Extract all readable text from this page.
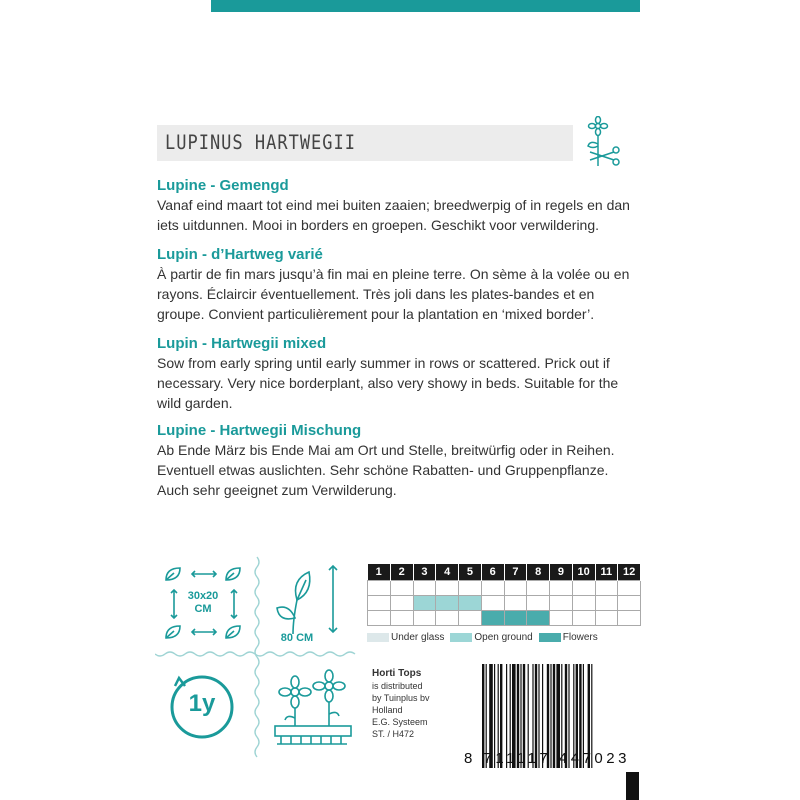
LUPINUS HARTWEGII
Lupine - Gemengd

Vanaf eind maart tot eind mei buiten zaaien; breedwerpig of in regels en dan iets uitdunnen. Mooi in borders en groepen. Geschikt voor verwildering.

Lupin - d’Hartweg varié

À partir de fin mars jusqu’à fin mai en pleine terre. On sème à la volée ou en rayons. Éclaircir éventuellement. Très joli dans les plates-bandes et en groupe. Convient particulièrement pour la plantation en ‘mixed border’.

Lupin - Hartwegii mixed

Sow from early spring until early summer in rows or scattered. Prick out if necessary. Very nice borderplant, also very showy in beds. Suitable for the wild garden.

Lupine - Hartwegii Mischung

Ab Ende März bis Ende Mai am Ort und Stelle, breitwürfig oder in Reihen. Eventuell etwas auslichten. Sehr schöne Rabatten- und Gruppenpflanze. Auch sehr geeignet zum Verwilderung.

30x20
CM
80 CM
1y
1	2	3	4	5	6	7	8	9	10	11	12

Under glass	Open ground	Flowers
Horti Tops
is distributed
by Tuinplus bv
Holland
E.G. Systeem
ST. / H472
8 711117 447023
